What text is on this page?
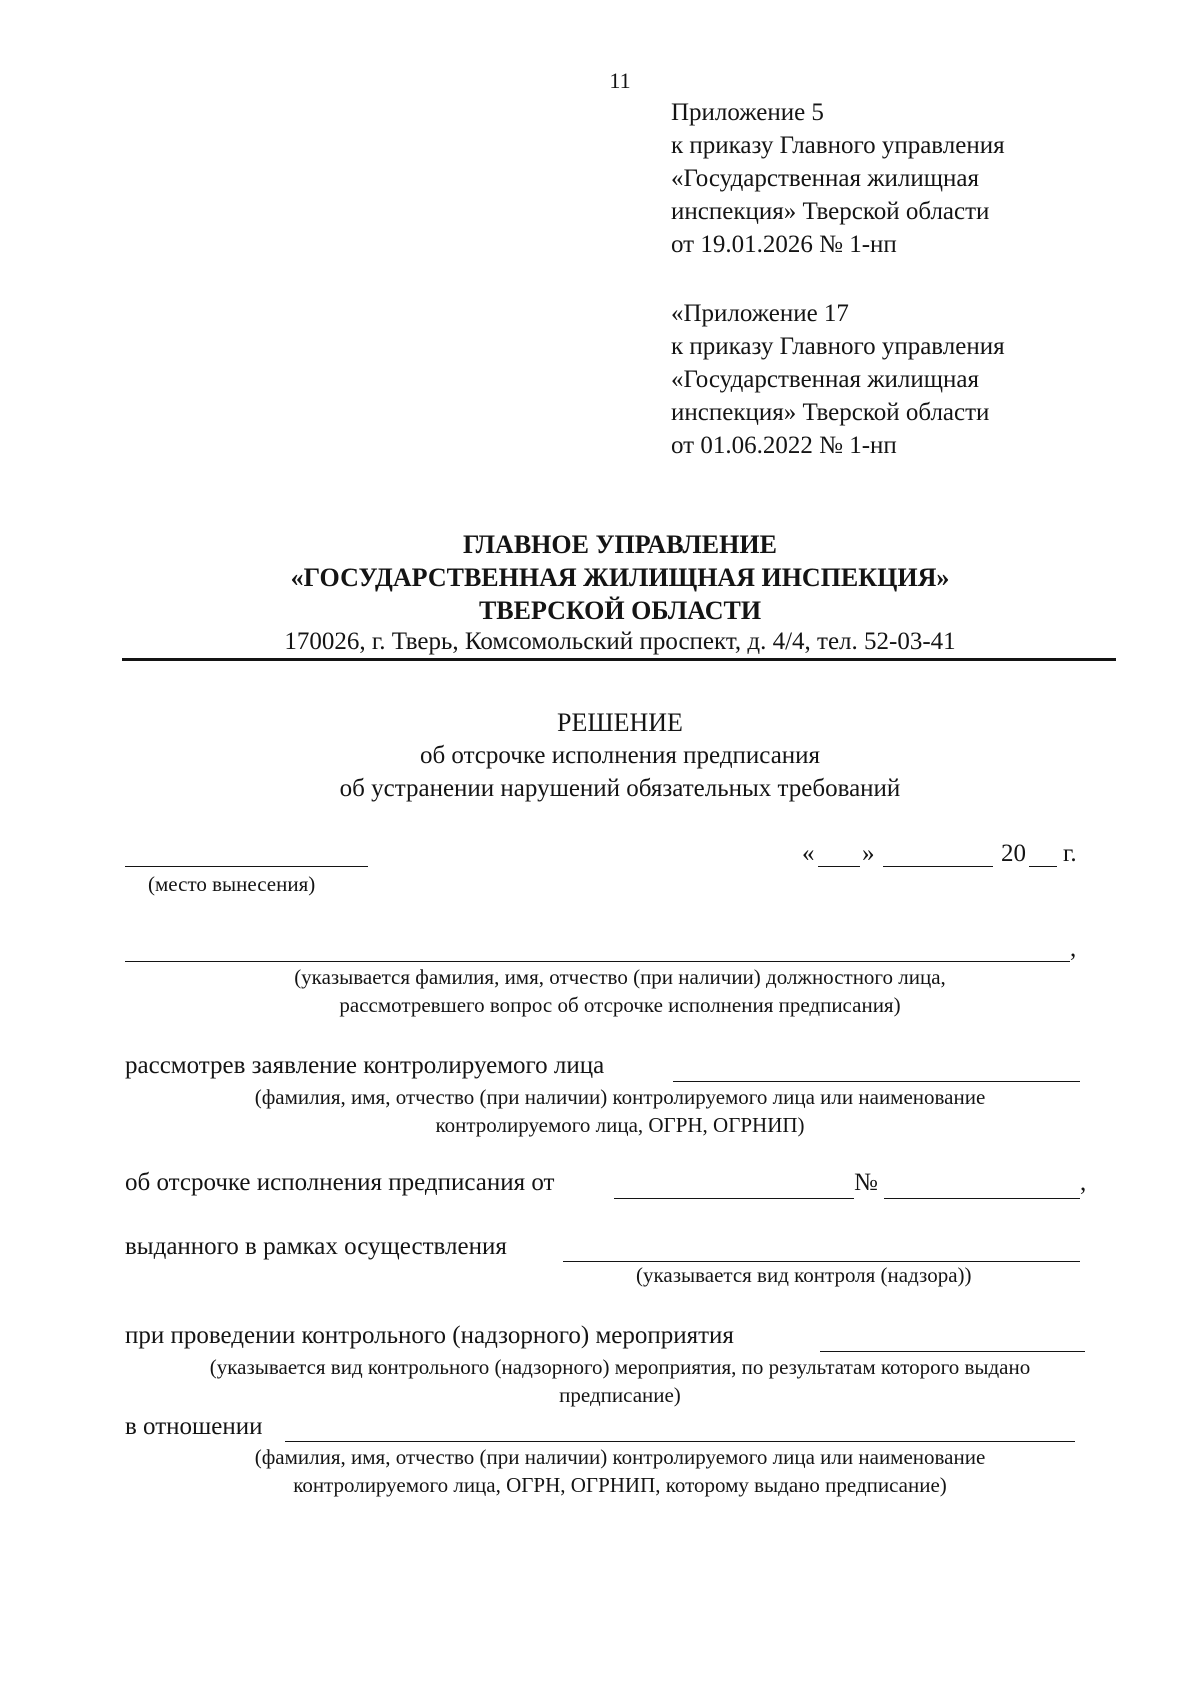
11
Приложение 5
к приказу Главного управления
«Государственная жилищная
инспекция» Тверской области
от 19.01.2026 № 1-нп
«Приложение 17
к приказу Главного управления
«Государственная жилищная
инспекция» Тверской области
от 01.06.2022 № 1-нп
ГЛАВНОЕ УПРАВЛЕНИЕ
«ГОСУДАРСТВЕННАЯ ЖИЛИЩНАЯ ИНСПЕКЦИЯ»
ТВЕРСКОЙ ОБЛАСТИ
170026, г. Тверь, Комсомольский проспект, д. 4/4, тел. 52-03-41
РЕШЕНИЕ
об отсрочке исполнения предписания
об устранении нарушений обязательных требований
(место вынесения)
« »	20 г.
,
(указывается фамилия, имя, отчество (при наличии) должностного лица,
рассмотревшего вопрос об отсрочке исполнения предписания)
рассмотрев заявление контролируемого лица
(фамилия, имя, отчество (при наличии) контролируемого лица или наименование
контролируемого лица, ОГРН, ОГРНИП)
об отсрочке исполнения предписания от	№	,
выданного в рамках осуществления
(указывается вид контроля (надзора))
при проведении контрольного (надзорного) мероприятия
(указывается вид контрольного (надзорного) мероприятия, по результатам которого выдано
предписание)
в отношении
(фамилия, имя, отчество (при наличии) контролируемого лица или наименование
контролируемого лица, ОГРН, ОГРНИП, которому выдано предписание)
